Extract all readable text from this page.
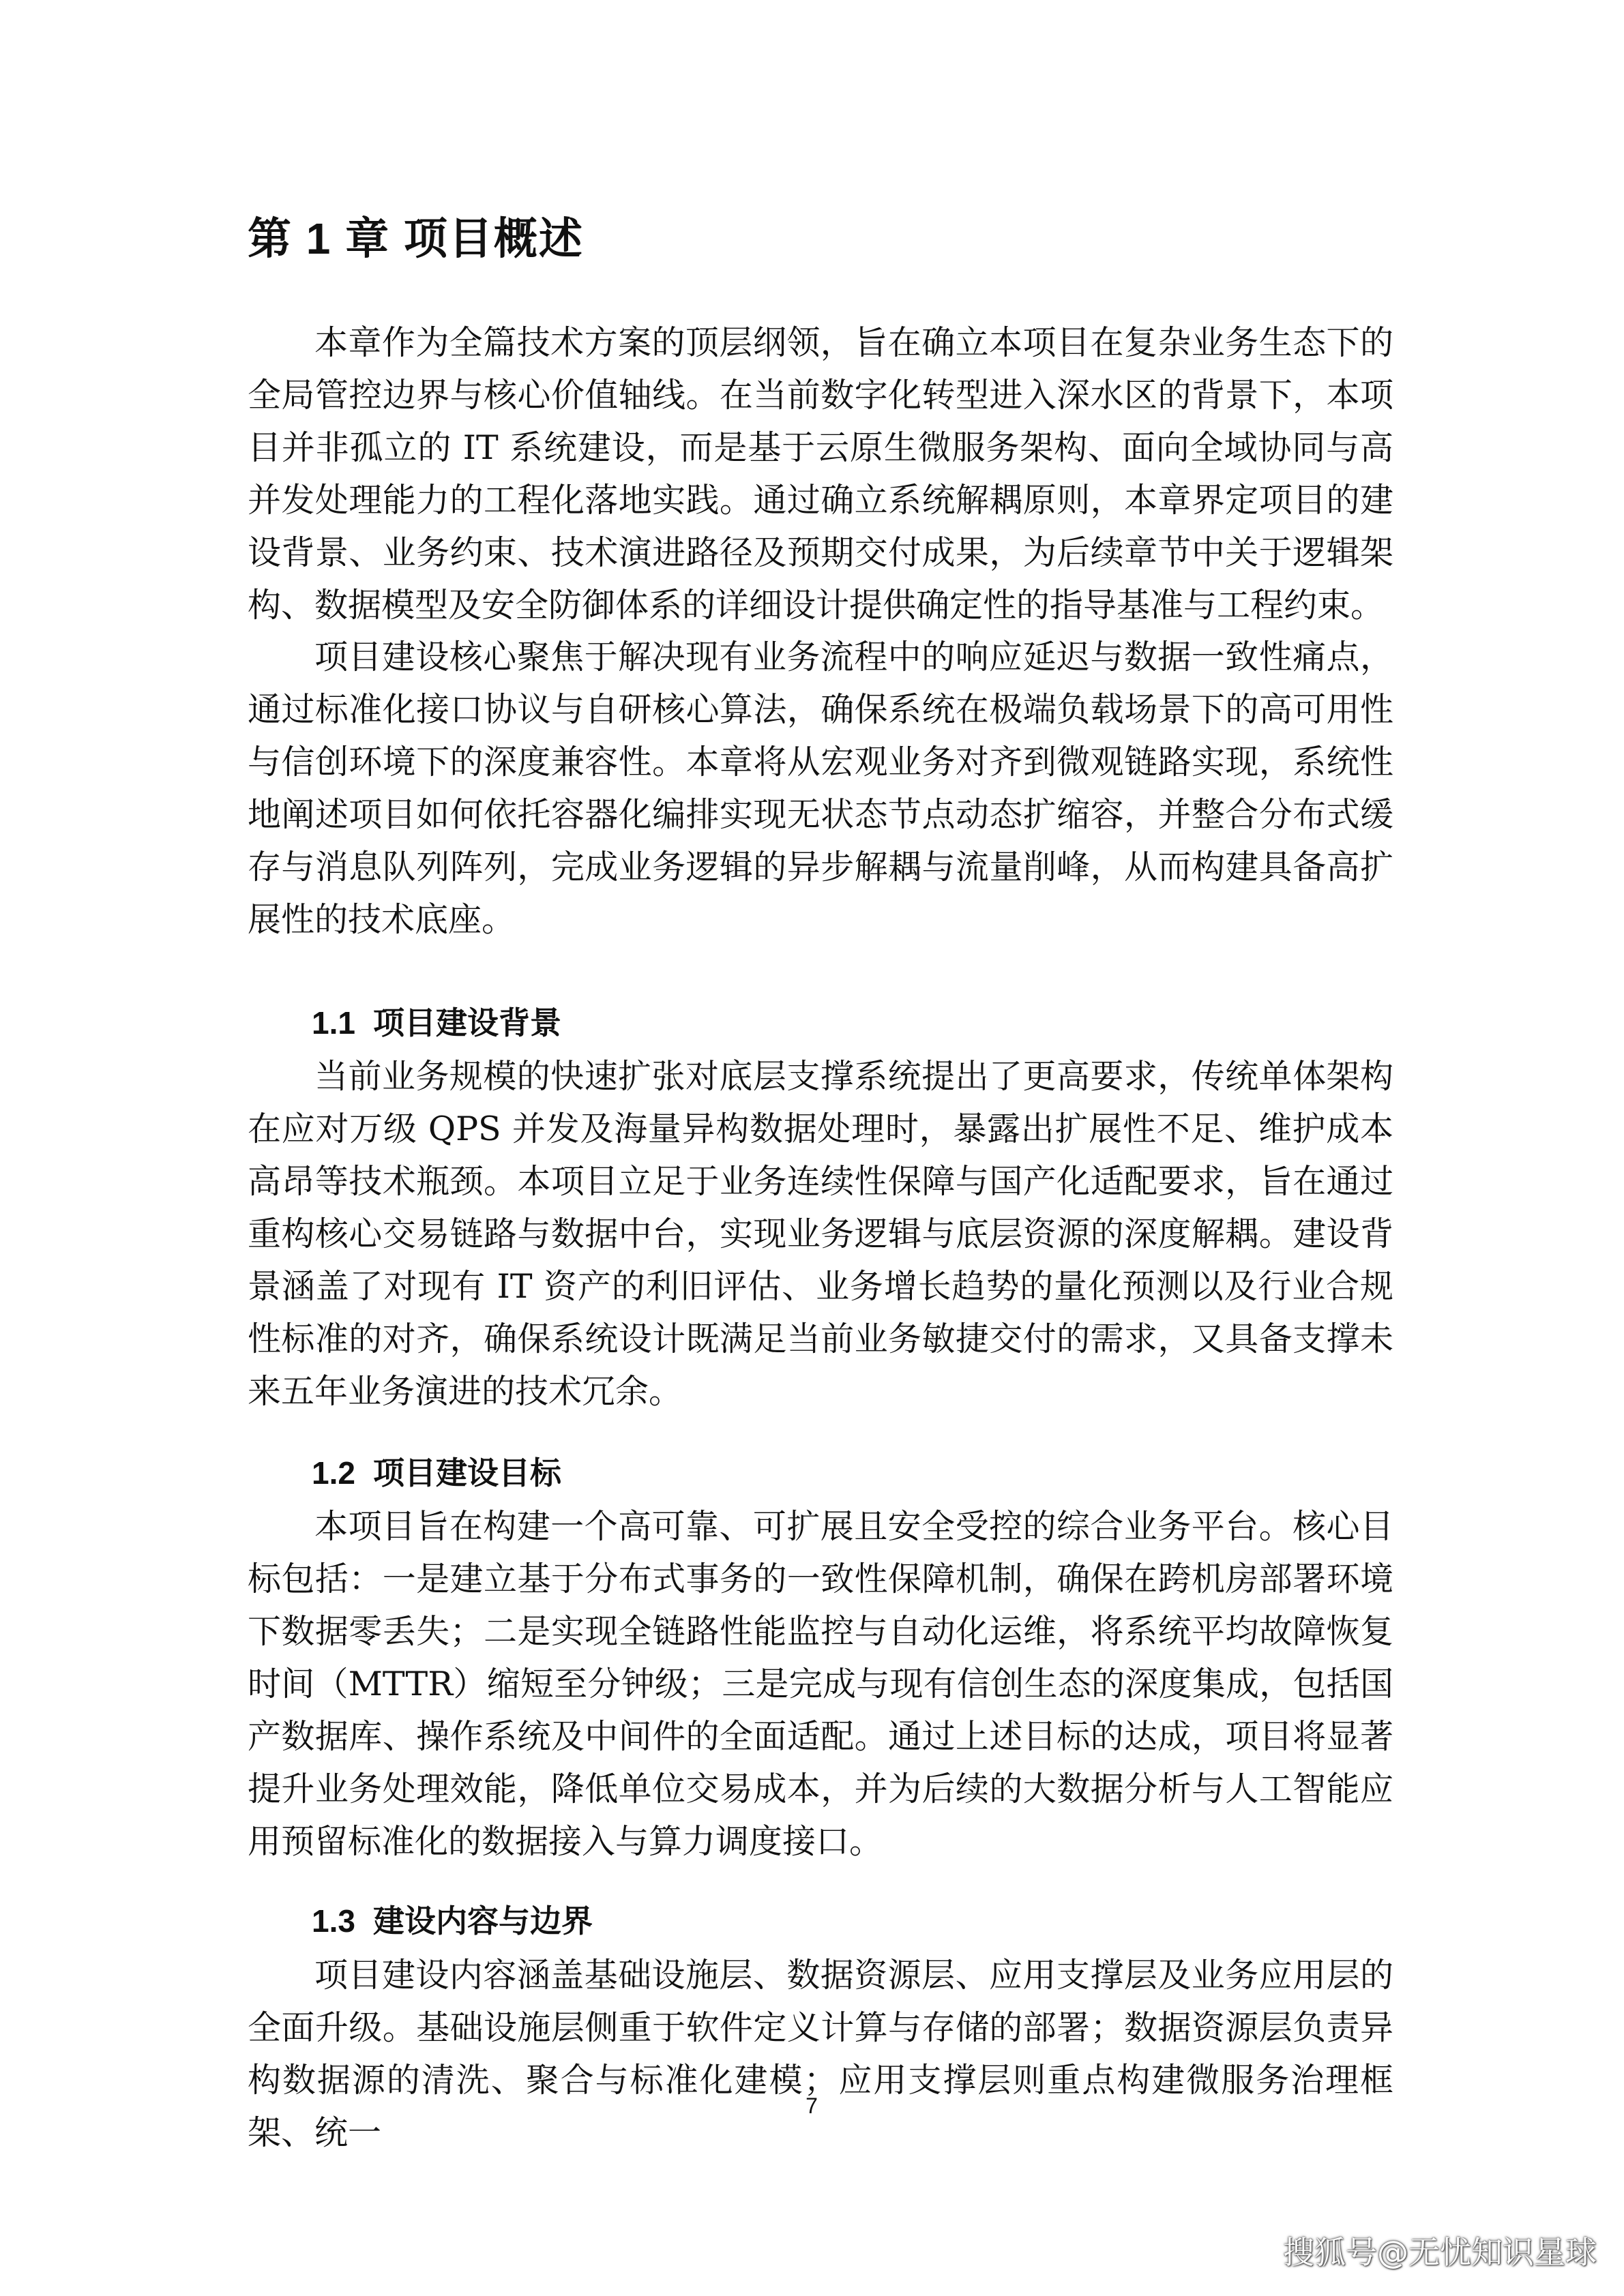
第 1 章 项目概述

本章作为全篇技术方案的顶层纲领，旨在确立本项目在复杂业务生态下的全局管控边界与核心价值轴线。在当前数字化转型进入深水区的背景下，本项目并非孤立的 IT 系统建设，而是基于云原生微服务架构、面向全域协同与高并发处理能力的工程化落地实践。通过确立系统解耦原则，本章界定项目的建设背景、业务约束、技术演进路径及预期交付成果，为后续章节中关于逻辑架构、数据模型及安全防御体系的详细设计提供确定性的指导基准与工程约束。

项目建设核心聚焦于解决现有业务流程中的响应延迟与数据一致性痛点，通过标准化接口协议与自研核心算法，确保系统在极端负载场景下的高可用性与信创环境下的深度兼容性。本章将从宏观业务对齐到微观链路实现，系统性地阐述项目如何依托容器化编排实现无状态节点动态扩缩容，并整合分布式缓存与消息队列阵列，完成业务逻辑的异步解耦与流量削峰，从而构建具备高扩展性的技术底座。

1.1 项目建设背景

当前业务规模的快速扩张对底层支撑系统提出了更高要求，传统单体架构在应对万级 QPS 并发及海量异构数据处理时，暴露出扩展性不足、维护成本高昂等技术瓶颈。本项目立足于业务连续性保障与国产化适配要求，旨在通过重构核心交易链路与数据中台，实现业务逻辑与底层资源的深度解耦。建设背景涵盖了对现有 IT 资产的利旧评估、业务增长趋势的量化预测以及行业合规性标准的对齐，确保系统设计既满足当前业务敏捷交付的需求，又具备支撑未来五年业务演进的技术冗余。

1.2 项目建设目标

本项目旨在构建一个高可靠、可扩展且安全受控的综合业务平台。核心目标包括：一是建立基于分布式事务的一致性保障机制，确保在跨机房部署环境下数据零丢失；二是实现全链路性能监控与自动化运维，将系统平均故障恢复时间（MTTR）缩短至分钟级；三是完成与现有信创生态的深度集成，包括国产数据库、操作系统及中间件的全面适配。通过上述目标的达成，项目将显著提升业务处理效能，降低单位交易成本，并为后续的大数据分析与人工智能应用预留标准化的数据接入与算力调度接口。

1.3 建设内容与边界

项目建设内容涵盖基础设施层、数据资源层、应用支撑层及业务应用层的全面升级。基础设施层侧重于软件定义计算与存储的部署；数据资源层负责异构数据源的清洗、聚合与标准化建模；应用支撑层则重点构建微服务治理框架、统一

7
搜狐号@无忧知识星球
